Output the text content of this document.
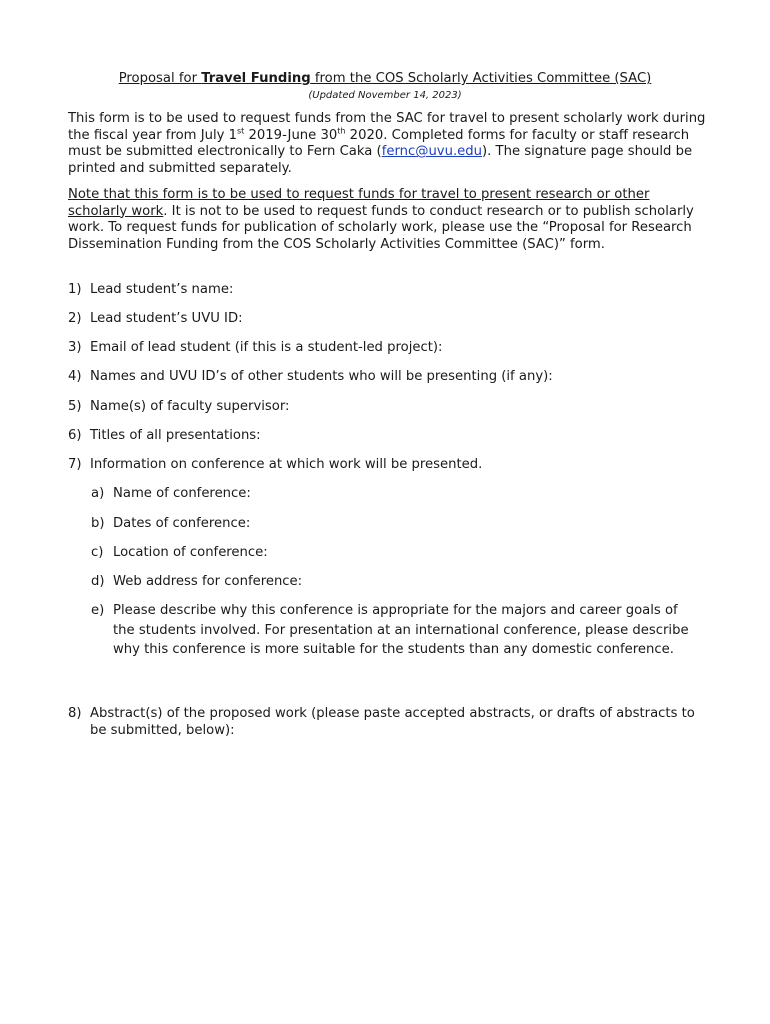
Proposal for Travel Funding from the COS Scholarly Activities Committee (SAC)
(Updated November 14, 2023)

This form is to be used to request funds from the SAC for travel to present scholarly work during the fiscal year from July 1st 2019-June 30th 2020. Completed forms for faculty or staff research must be submitted electronically to Fern Caka (fernc@uvu.edu). The signature page should be printed and submitted separately.

Note that this form is to be used to request funds for travel to present research or other scholarly work. It is not to be used to request funds to conduct research or to publish scholarly work. To request funds for publication of scholarly work, please use the “Proposal for Research Dissemination Funding from the COS Scholarly Activities Committee (SAC)” form.

1) Lead student’s name:
2) Lead student’s UVU ID:
3) Email of lead student (if this is a student-led project):
4) Names and UVU ID’s of other students who will be presenting (if any):
5) Name(s) of faculty supervisor:
6) Titles of all presentations:
7) Information on conference at which work will be presented.
a) Name of conference:
b) Dates of conference:
c) Location of conference:
d) Web address for conference:
e) Please describe why this conference is appropriate for the majors and career goals of the students involved. For presentation at an international conference, please describe why this conference is more suitable for the students than any domestic conference.
8) Abstract(s) of the proposed work (please paste accepted abstracts, or drafts of abstracts to be submitted, below):
